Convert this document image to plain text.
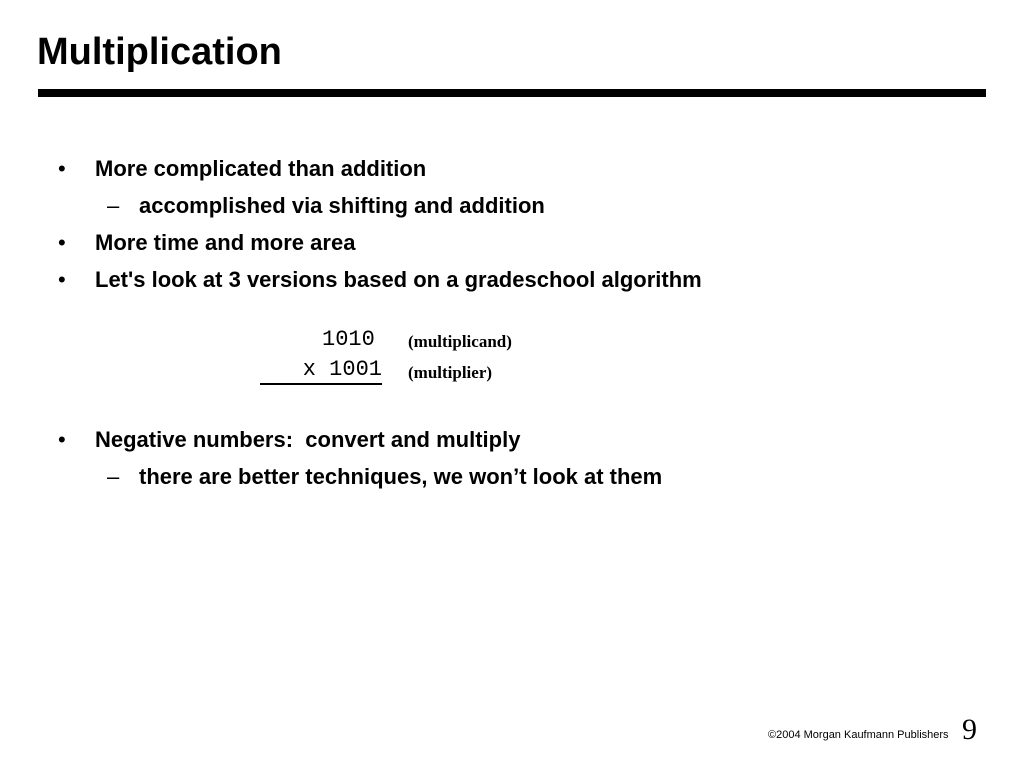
Multiplication
• More complicated than addition
– accomplished via shifting and addition
• More time and more area
• Let's look at 3 versions based on a gradeschool algorithm
1010 (multiplicand)
x 1001 (multiplier)
• Negative numbers:  convert and multiply
– there are better techniques, we won’t look at them
©2004 Morgan Kaufmann Publishers 9
